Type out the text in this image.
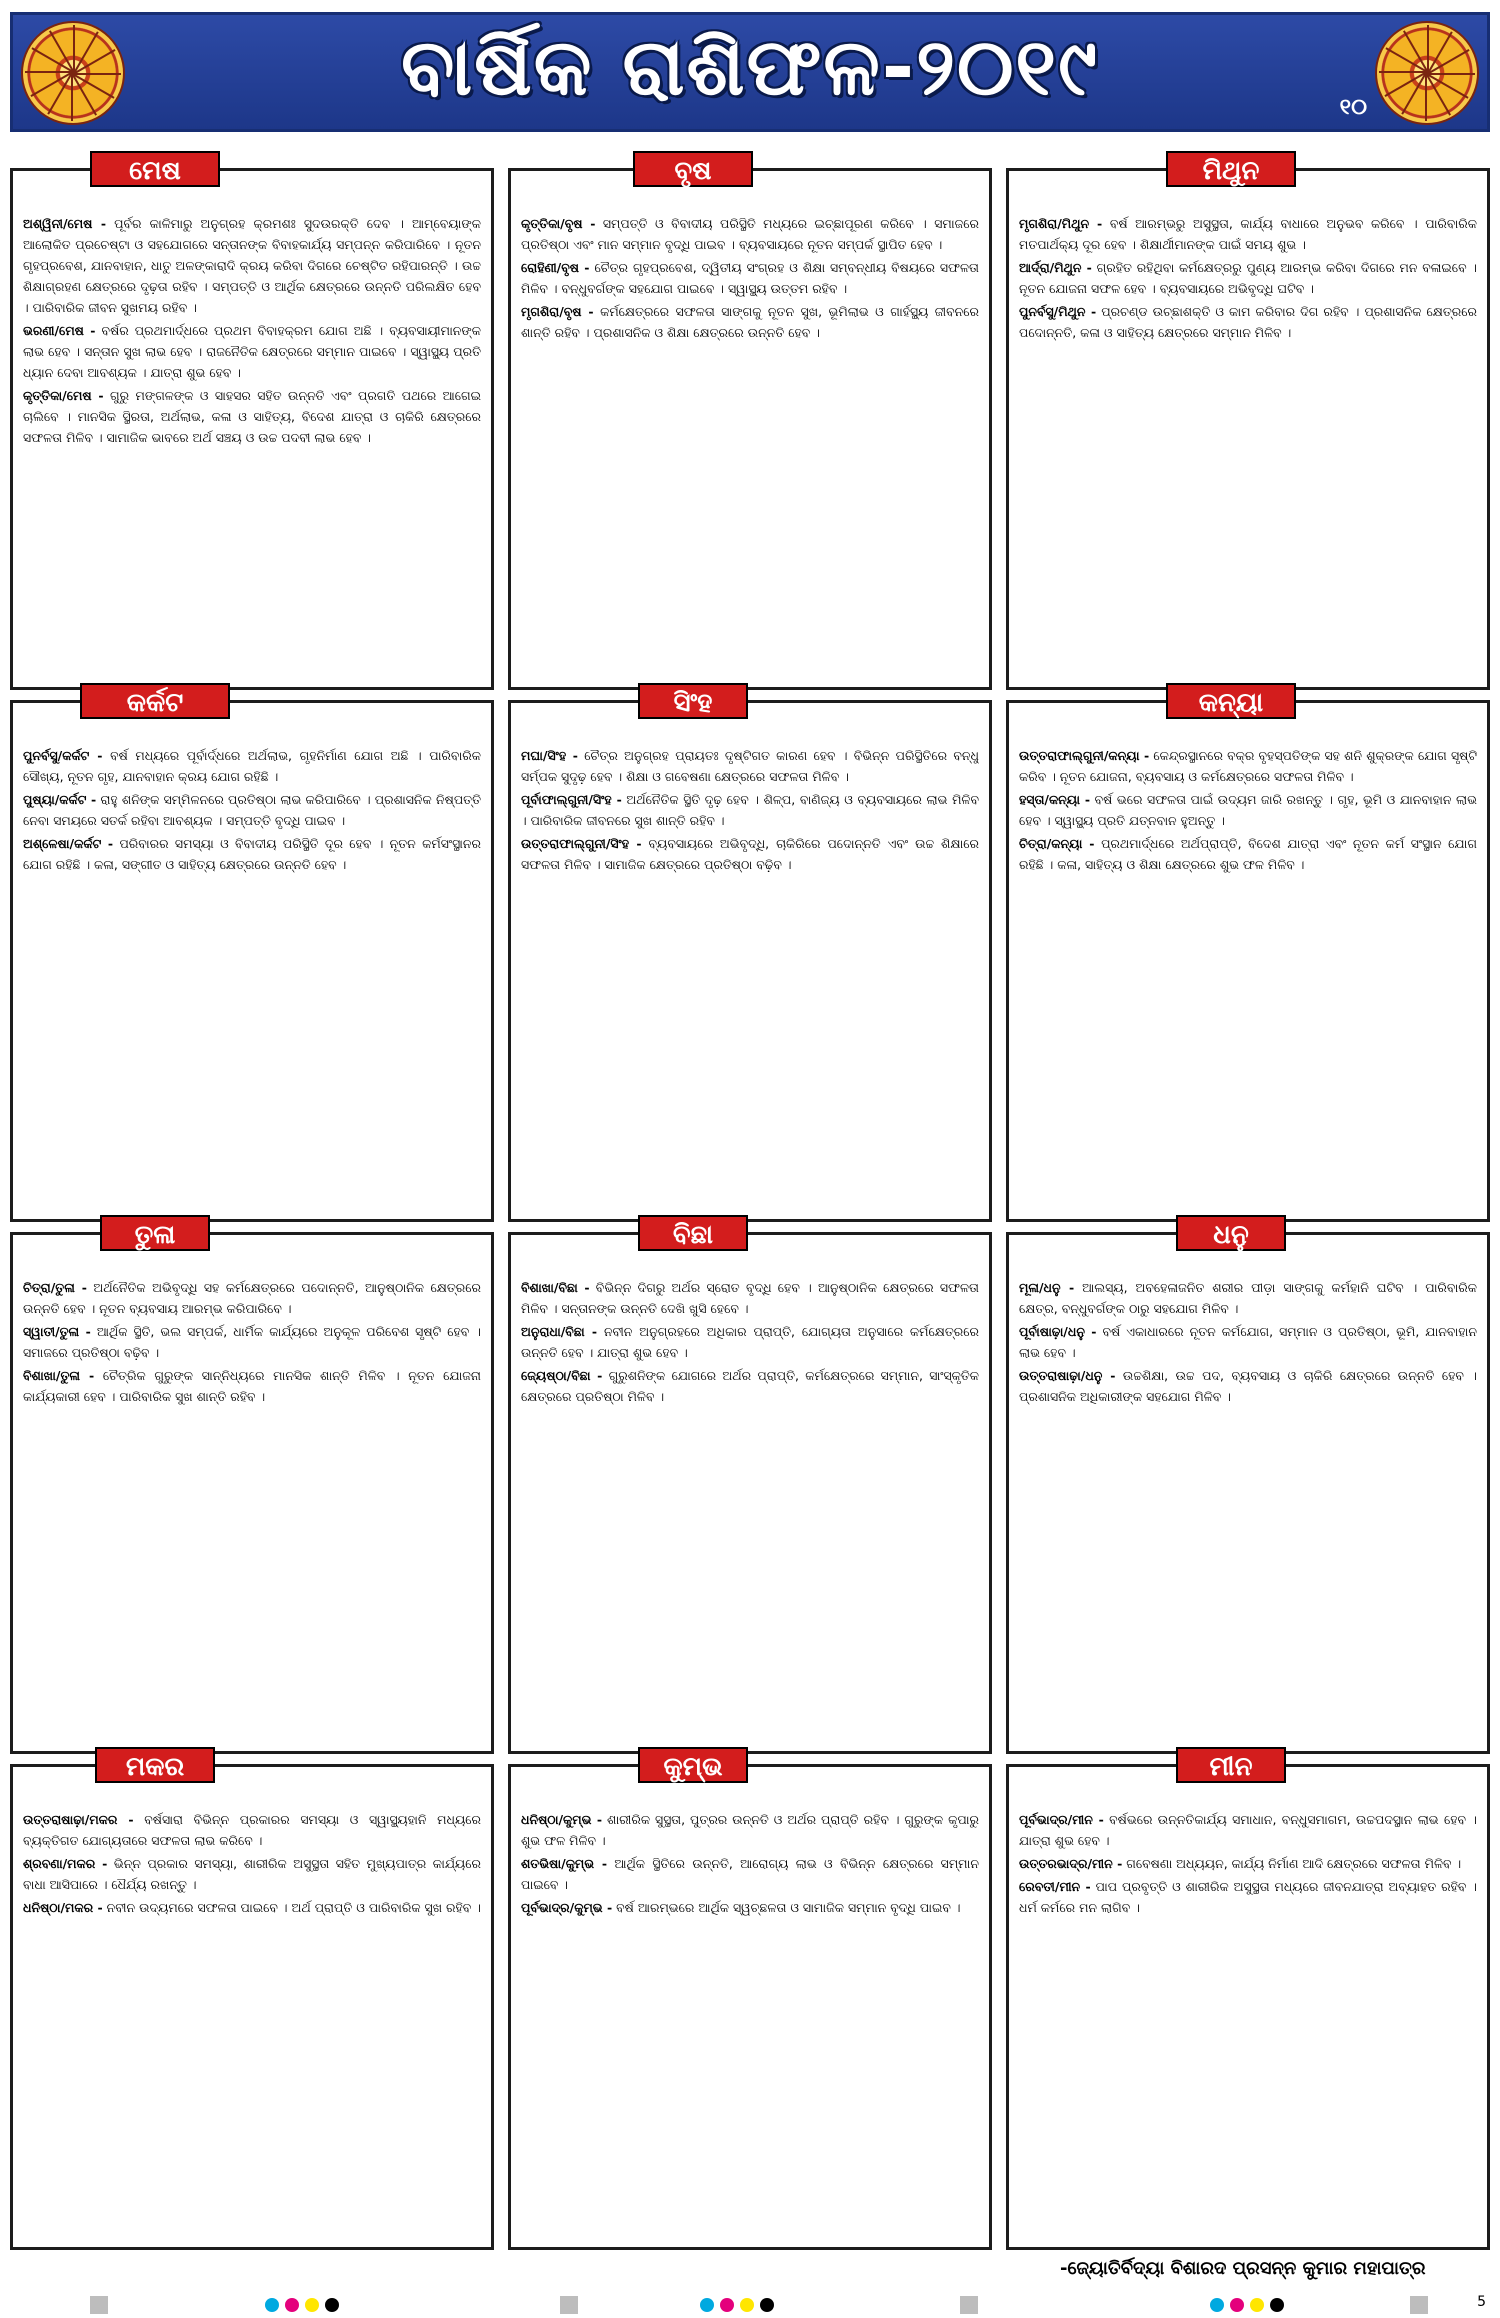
ବାର୍ଷିକ ରାଶିଫଳ-୨୦୧୯	୧୦
ମେଷ

ଅଶ୍ୱିନୀ/ମେଷ - ପୂର୍ବର କାଳିମାରୁ ଅନୁଗ୍ରହ କ୍ରମଶଃ ସୁଦଉରକ୍ତି ଦେବ । ଆମ୍ବେୟାଙ୍କ ଆଲୋକିତ ପ୍ରଚେଷ୍ଟା ଓ ସହଯୋଗରେ ସନ୍ତାନଙ୍କ ବିବାହକାର୍ଯ୍ୟ ସମ୍ପନ୍ନ କରିପାରିବେ । ନୂତନ ଗୃହପ୍ରବେଶ, ଯାନବାହାନ, ଧାତୁ ଅଳଙ୍କାରାଦି କ୍ରୟ କରିବା ଦିଗରେ ଚେଷ୍ଟିତ ରହିପାରନ୍ତି । ଉଚ୍ଚ ଶିକ୍ଷାଗ୍ରହଣ କ୍ଷେତ୍ରରେ ଦୃଢ଼ତା ରହିବ । ସମ୍ପତ୍ତି ଓ ଆର୍ଥିକ କ୍ଷେତ୍ରରେ ଉନ୍ନତି ପରିଲକ୍ଷିତ ହେବ । ପାରିବାରିକ ଜୀବନ ସୁଖମୟ ରହିବ ।

ଭରଣୀ/ମେଷ - ବର୍ଷର ପ୍ରଥମାର୍ଦ୍ଧରେ ପ୍ରଥମ ବିବାହକ୍ରମ ଯୋଗ ଅଛି । ବ୍ୟବସାୟୀମାନଙ୍କ ଲାଭ ହେବ । ସନ୍ତାନ ସୁଖ ଲାଭ ହେବ । ରାଜନୈତିକ କ୍ଷେତ୍ରରେ ସମ୍ମାନ ପାଇବେ । ସ୍ୱାସ୍ଥ୍ୟ ପ୍ରତି ଧ୍ୟାନ ଦେବା ଆବଶ୍ୟକ । ଯାତ୍ରା ଶୁଭ ହେବ ।

କୃତ୍ତିକା/ମେଷ - ଗୁରୁ ମଙ୍ଗଳଙ୍କ ଓ ସାହସର ସହିତ ଉନ୍ନତି ଏବଂ ପ୍ରଗତି ପଥରେ ଆଗେଇ ଚାଲିବେ । ମାନସିକ ସ୍ଥିରତା, ଅର୍ଥଲାଭ, କଳା ଓ ସାହିତ୍ୟ, ବିଦେଶ ଯାତ୍ରା ଓ ଚାକିରି କ୍ଷେତ୍ରରେ ସଫଳତା ମିଳିବ । ସାମାଜିକ ଭାବରେ ଅର୍ଥ ସଞ୍ଚୟ ଓ ଉଚ୍ଚ ପଦବୀ ଲାଭ ହେବ ।

ବୃଷ

କୃତ୍ତିକା/ବୃଷ - ସମ୍ପତ୍ତି ଓ ବିବାଦୀୟ ପରିସ୍ଥିତି ମଧ୍ୟରେ ଇଚ୍ଛାପୂରଣ କରିବେ । ସମାଜରେ ପ୍ରତିଷ୍ଠା ଏବଂ ମାନ ସମ୍ମାନ ବୃଦ୍ଧି ପାଇବ । ବ୍ୟବସାୟରେ ନୂତନ ସମ୍ପର୍କ ସ୍ଥାପିତ ହେବ ।

ରୋହିଣୀ/ବୃଷ - ଚୈତ୍ର ଗୃହପ୍ରବେଶ, ଦ୍ୱିତୀୟ ସଂଗ୍ରହ ଓ ଶିକ୍ଷା ସମ୍ବନ୍ଧୀୟ ବିଷୟରେ ସଫଳତା ମିଳିବ । ବନ୍ଧୁବର୍ଗଙ୍କ ସହଯୋଗ ପାଇବେ । ସ୍ୱାସ୍ଥ୍ୟ ଉତ୍ତମ ରହିବ ।

ମୃଗଶିରା/ବୃଷ - କର୍ମକ୍ଷେତ୍ରରେ ସଫଳତା ସାଙ୍ଗକୁ ନୂତନ ସୁଖ, ଭୂମିଲାଭ ଓ ଗାର୍ହସ୍ଥ୍ୟ ଜୀବନରେ ଶାନ୍ତି ରହିବ । ପ୍ରଶାସନିକ ଓ ଶିକ୍ଷା କ୍ଷେତ୍ରରେ ଉନ୍ନତି ହେବ ।

ମିଥୁନ

ମୃଗଶିରା/ମିଥୁନ - ବର୍ଷ ଆରମ୍ଭରୁ ଅସୁସ୍ଥତା, କାର୍ଯ୍ୟ ବାଧାରେ ଅନୁଭବ କରିବେ । ପାରିବାରିକ ମତପାର୍ଥକ୍ୟ ଦୂର ହେବ । ଶିକ୍ଷାର୍ଥୀମାନଙ୍କ ପାଇଁ ସମୟ ଶୁଭ ।

ଆର୍ଦ୍ରା/ମିଥୁନ - ଗ୍ରହିତ ରହିଥିବା କର୍ମକ୍ଷେତ୍ରରୁ ପୁଣ୍ୟ ଆରମ୍ଭ କରିବା ଦିଗରେ ମନ ବଳାଇବେ । ନୂତନ ଯୋଜନା ସଫଳ ହେବ । ବ୍ୟବସାୟରେ ଅଭିବୃଦ୍ଧି ଘଟିବ ।

ପୁନର୍ବସୁ/ମିଥୁନ - ପ୍ରଚଣ୍ଡ ଉଚ୍ଛାଶକ୍ତି ଓ କାମ କରିବାର ଦିଗ ରହିବ । ପ୍ରଶାସନିକ କ୍ଷେତ୍ରରେ ପଦୋନ୍ନତି, କଳା ଓ ସାହିତ୍ୟ କ୍ଷେତ୍ରରେ ସମ୍ମାନ ମିଳିବ ।

କର୍କଟ

ପୁନର୍ବସୁ/କର୍କଟ - ବର୍ଷ ମଧ୍ୟରେ ପୂର୍ବାର୍ଦ୍ଧରେ ଅର୍ଥଲାଭ, ଗୃହନିର୍ମାଣ ଯୋଗ ଅଛି । ପାରିବାରିକ ସୌଖ୍ୟ, ନୂତନ ଗୃହ, ଯାନବାହାନ କ୍ରୟ ଯୋଗ ରହିଛି ।

ପୁଷ୍ୟା/କର୍କଟ - ରାହୁ ଶନିଙ୍କ ସମ୍ମିଳନରେ ପ୍ରତିଷ୍ଠା ଲାଭ କରିପାରିବେ । ପ୍ରଶାସନିକ ନିଷ୍ପତ୍ତି ନେବା ସମୟରେ ସତର୍କ ରହିବା ଆବଶ୍ୟକ । ସମ୍ପତ୍ତି ବୃଦ୍ଧି ପାଇବ ।

ଅଶ୍ଳେଷା/କର୍କଟ - ପରିବାରର ସମସ୍ୟା ଓ ବିବାଦୀୟ ପରିସ୍ଥିତି ଦୂର ହେବ । ନୂତନ କର୍ମସଂସ୍ଥାନର ଯୋଗ ରହିଛି । କଳା, ସଙ୍ଗୀତ ଓ ସାହିତ୍ୟ କ୍ଷେତ୍ରରେ ଉନ୍ନତି ହେବ ।

ସିଂହ

ମଘା/ସିଂହ - ଚୈତ୍ର ଅନୁଗ୍ରହ ପ୍ରାୟତଃ ଦୃଷ୍ଟିଗତ କାରଣ ହେବ । ବିଭିନ୍ନ ପରିସ୍ଥିତିରେ ବନ୍ଧୁ ସର୍ମ୍ପକ ସୁଦୃଢ଼ ହେବ । ଶିକ୍ଷା ଓ ଗବେଷଣା କ୍ଷେତ୍ରରେ ସଫଳତା ମିଳିବ ।

ପୂର୍ବାଫାଲ୍‌ଗୁନୀ/ସିଂହ - ଅର୍ଥନୈତିକ ସ୍ଥିତି ଦୃଢ଼ ହେବ । ଶିଳ୍ପ, ବାଣିଜ୍ୟ ଓ ବ୍ୟବସାୟରେ ଲାଭ ମିଳିବ । ପାରିବାରିକ ଜୀବନରେ ସୁଖ ଶାନ୍ତି ରହିବ ।

ଉତ୍ତରାଫାଲ୍‌ଗୁନୀ/ସିଂହ - ବ୍ୟବସାୟରେ ଅଭିବୃଦ୍ଧି, ଚାକିରିରେ ପଦୋନ୍ନତି ଏବଂ ଉଚ୍ଚ ଶିକ୍ଷାରେ ସଫଳତା ମିଳିବ । ସାମାଜିକ କ୍ଷେତ୍ରରେ ପ୍ରତିଷ୍ଠା ବଢ଼ିବ ।

କନ୍ୟା

ଉତ୍ତରାଫାଲ୍‌ଗୁନୀ/କନ୍ୟା - କେନ୍ଦ୍ରସ୍ଥାନରେ ବକ୍ର ବୃହସ୍ପତିଙ୍କ ସହ ଶନି ଶୁକ୍ରଙ୍କ ଯୋଗ ସୃଷ୍ଟି କରିବ । ନୂତନ ଯୋଜନା, ବ୍ୟବସାୟ ଓ କର୍ମକ୍ଷେତ୍ରରେ ସଫଳତା ମିଳିବ ।

ହସ୍ତା/କନ୍ୟା - ବର୍ଷ ଭରେ ସଫଳତା ପାଇଁ ଉଦ୍ୟମ ଜାରି ରଖନ୍ତୁ । ଗୃହ, ଭୂମି ଓ ଯାନବାହାନ ଲାଭ ହେବ । ସ୍ୱାସ୍ଥ୍ୟ ପ୍ରତି ଯତ୍ନବାନ ହୁଅନ୍ତୁ ।

ଚିତ୍ରା/କନ୍ୟା - ପ୍ରଥମାର୍ଦ୍ଧରେ ଅର୍ଥପ୍ରାପ୍ତି, ବିଦେଶ ଯାତ୍ରା ଏବଂ ନୂତନ କର୍ମ ସଂସ୍ଥାନ ଯୋଗ ରହିଛି । କଳା, ସାହିତ୍ୟ ଓ ଶିକ୍ଷା କ୍ଷେତ୍ରରେ ଶୁଭ ଫଳ ମିଳିବ ।

ତୁଳା

ଚିତ୍ରା/ତୁଳା - ଅର୍ଥନୈତିକ ଅଭିବୃଦ୍ଧି ସହ କର୍ମକ୍ଷେତ୍ରରେ ପଦୋନ୍ନତି, ଆନୁଷ୍ଠାନିକ କ୍ଷେତ୍ରରେ ଉନ୍ନତି ହେବ । ନୂତନ ବ୍ୟବସାୟ ଆରମ୍ଭ କରିପାରିବେ ।

ସ୍ୱାତୀ/ତୁଳା - ଆର୍ଥିକ ସ୍ଥିତି, ଭଲ ସମ୍ପର୍କ, ଧାର୍ମିକ କାର୍ଯ୍ୟରେ ଅନୁକୂଳ ପରିବେଶ ସୃଷ୍ଟି ହେବ । ସମାଜରେ ପ୍ରତିଷ୍ଠା ବଢ଼ିବ ।

ବିଶାଖା/ତୁଳା - ଚୈତ୍ରିକ ଗୁରୁଙ୍କ ସାନ୍ନିଧ୍ୟରେ ମାନସିକ ଶାନ୍ତି ମିଳିବ । ନୂତନ ଯୋଜନା କାର୍ଯ୍ୟକାରୀ ହେବ । ପାରିବାରିକ ସୁଖ ଶାନ୍ତି ରହିବ ।

ବିଛା

ବିଶାଖା/ବିଛା - ବିଭିନ୍ନ ଦିଗରୁ ଅର୍ଥର ସ୍ରୋତ ବୃଦ୍ଧି ହେବ । ଆନୁଷ୍ଠାନିକ କ୍ଷେତ୍ରରେ ସଫଳତା ମିଳିବ । ସନ୍ତାନଙ୍କ ଉନ୍ନତି ଦେଖି ଖୁସି ହେବେ ।

ଅନୁରାଧା/ବିଛା - ନବୀନ ଅନୁଗ୍ରହରେ ଅଧିକାର ପ୍ରାପ୍ତି, ଯୋଗ୍ୟତା ଅନୁସାରେ କର୍ମକ୍ଷେତ୍ରରେ ଉନ୍ନତି ହେବ । ଯାତ୍ରା ଶୁଭ ହେବ ।

ଜ୍ୟେଷ୍ଠା/ବିଛା - ଗୁରୁଶନିଙ୍କ ଯୋଗରେ ଅର୍ଥର ପ୍ରାପ୍ତି, କର୍ମକ୍ଷେତ୍ରରେ ସମ୍ମାନ, ସାଂସ୍କୃତିକ କ୍ଷେତ୍ରରେ ପ୍ରତିଷ୍ଠା ମିଳିବ ।

ଧନୁ

ମୂଳା/ଧନୁ - ଆଲସ୍ୟ, ଅବହେଳାଜନିତ ଶରୀର ପୀଡ଼ା ସାଙ୍ଗକୁ କର୍ମହାନି ଘଟିବ । ପାରିବାରିକ କ୍ଷେତ୍ର, ବନ୍ଧୁବର୍ଗଙ୍କ ଠାରୁ ସହଯୋଗ ମିଳିବ ।

ପୂର୍ବାଷାଢ଼ା/ଧନୁ - ବର୍ଷ ଏକାଧାରରେ ନୂତନ କର୍ମଯୋଗ, ସମ୍ମାନ ଓ ପ୍ରତିଷ୍ଠା, ଭୂମି, ଯାନବାହାନ ଲାଭ ହେବ ।

ଉତ୍ତରାଷାଢ଼ା/ଧନୁ - ଉଚ୍ଚଶିକ୍ଷା, ଉଚ୍ଚ ପଦ, ବ୍ୟବସାୟ ଓ ଚାକିରି କ୍ଷେତ୍ରରେ ଉନ୍ନତି ହେବ । ପ୍ରଶାସନିକ ଅଧିକାରୀଙ୍କ ସହଯୋଗ ମିଳିବ ।

ମକର

ଉତ୍ତରାଷାଢ଼ା/ମକର - ବର୍ଷସାରା ବିଭିନ୍ନ ପ୍ରକାରର ସମସ୍ୟା ଓ ସ୍ୱାସ୍ଥ୍ୟହାନି ମଧ୍ୟରେ ବ୍ୟକ୍ତିଗତ ଯୋଗ୍ୟତାରେ ସଫଳତା ଲାଭ କରିବେ ।

ଶ୍ରବଣା/ମକର - ଭିନ୍ନ ପ୍ରକାର ସମସ୍ୟା, ଶାରୀରିକ ଅସୁସ୍ଥତା ସହିତ ମୁଖ୍ୟପାତ୍ର କାର୍ଯ୍ୟରେ ବାଧା ଆସିପାରେ । ଧୈର୍ଯ୍ୟ ରଖନ୍ତୁ ।

ଧନିଷ୍ଠା/ମକର - ନବୀନ ଉଦ୍ୟମରେ ସଫଳତା ପାଇବେ । ଅର୍ଥ ପ୍ରାପ୍ତି ଓ ପାରିବାରିକ ସୁଖ ରହିବ ।

କୁମ୍ଭ

ଧନିଷ୍ଠା/କୁମ୍ଭ - ଶାରୀରିକ ସୁସ୍ଥତା, ପୁତ୍ରର ଉନ୍ନତି ଓ ଅର୍ଥର ପ୍ରାପ୍ତି ରହିବ । ଗୁରୁଙ୍କ କୃପାରୁ ଶୁଭ ଫଳ ମିଳିବ ।

ଶତଭିଷା/କୁମ୍ଭ - ଆର୍ଥିକ ସ୍ଥିତିରେ ଉନ୍ନତି, ଆରୋଗ୍ୟ ଲାଭ ଓ ବିଭିନ୍ନ କ୍ଷେତ୍ରରେ ସମ୍ମାନ ପାଇବେ ।

ପୂର୍ବଭାଦ୍ର/କୁମ୍ଭ - ବର୍ଷ ଆରମ୍ଭରେ ଆର୍ଥିକ ସ୍ୱଚ୍ଛଳତା ଓ ସାମାଜିକ ସମ୍ମାନ ବୃଦ୍ଧି ପାଇବ ।

ମୀନ

ପୂର୍ବଭାଦ୍ର/ମୀନ - ବର୍ଷଭରେ ଉନ୍ନତିକାର୍ଯ୍ୟ ସମାଧାନ, ବନ୍ଧୁସମାଗମ, ଉଚ୍ଚପଦସ୍ଥାନ ଲାଭ ହେବ । ଯାତ୍ରା ଶୁଭ ହେବ ।

ଉତ୍ତରଭାଦ୍ର/ମୀନ - ଗବେଷଣା ଅଧ୍ୟୟନ, କାର୍ଯ୍ୟ ନିର୍ମାଣ ଆଦି କ୍ଷେତ୍ରରେ ସଫଳତା ମିଳିବ ।

ରେବତୀ/ମୀନ - ପାପ ପ୍ରବୃତ୍ତି ଓ ଶାରୀରିକ ଅସୁସ୍ଥତା ମଧ୍ୟରେ ଜୀବନଯାତ୍ରା ଅବ୍ୟାହତ ରହିବ । ଧର୍ମ କର୍ମରେ ମନ ଲାଗିବ ।

-ଜ୍ୟୋତିର୍ବିଦ୍ୟା ବିଶାରଦ ପ୍ରସନ୍ନ କୁମାର ମହାପାତ୍ର
5
